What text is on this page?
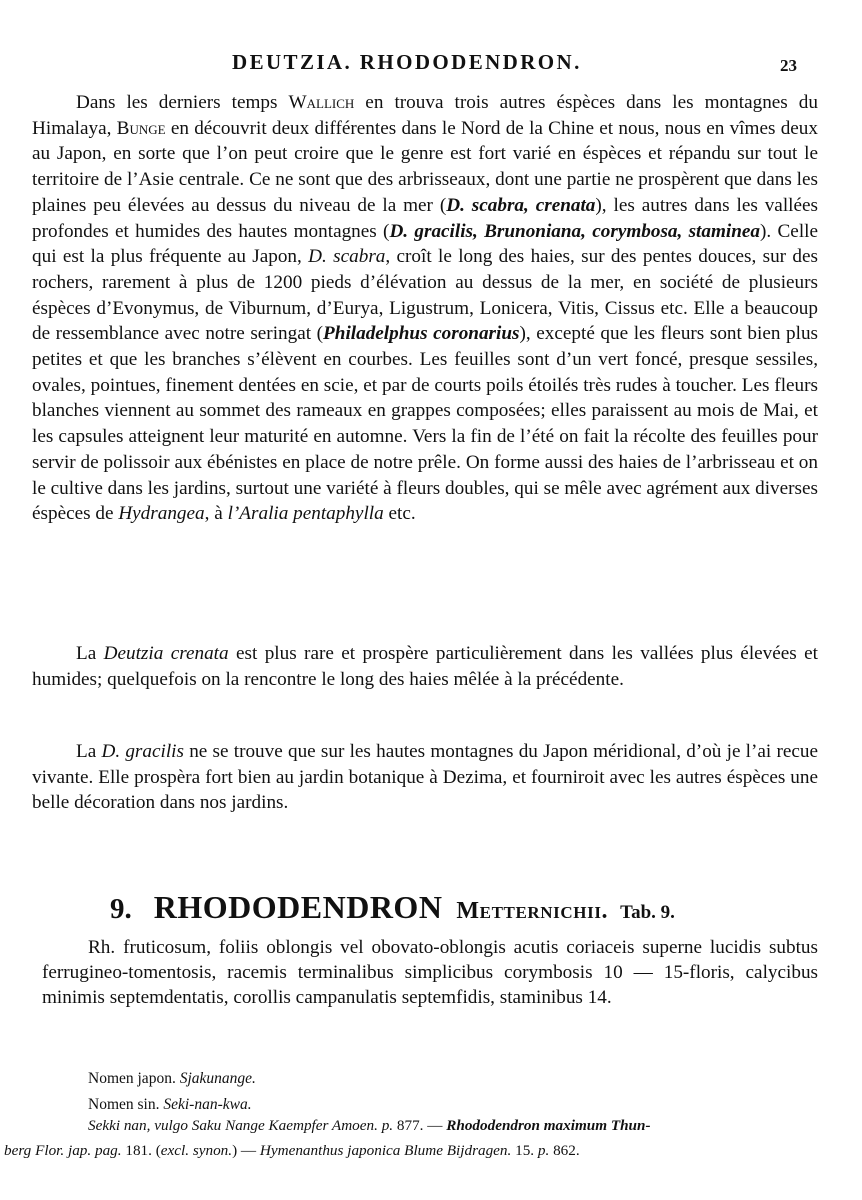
DEUTZIA. RHODODENDRON.	23

Dans les derniers temps Wallich en trouva trois autres éspèces dans les montagnes du Himalaya, Bunge en découvrit deux différentes dans le Nord de la Chine et nous, nous en vîmes deux au Japon, en sorte que l’on peut croire que le genre est fort varié en éspèces et répandu sur tout le territoire de l’Asie centrale. Ce ne sont que des arbrisseaux, dont une partie ne prospèrent que dans les plaines peu élevées au dessus du niveau de la mer (D. scabra, crenata), les autres dans les vallées profondes et humides des hautes montagnes (D. gracilis, Brunoniana, corymbosa, staminea). Celle qui est la plus fréquente au Japon, D. scabra, croît le long des haies, sur des pentes douces, sur des rochers, rarement à plus de 1200 pieds d’élévation au dessus de la mer, en société de plusieurs éspèces d’Evonymus, de Viburnum, d’Eurya, Ligustrum, Lonicera, Vitis, Cissus etc. Elle a beaucoup de ressemblance avec notre seringat (Philadelphus coronarius), excepté que les fleurs sont bien plus petites et que les branches s’élèvent en courbes. Les feuilles sont d’un vert foncé, presque sessiles, ovales, pointues, finement dentées en scie, et par de courts poils étoilés très rudes à toucher. Les fleurs blanches viennent au sommet des rameaux en grappes composées; elles paraissent au mois de Mai, et les capsules atteignent leur maturité en automne. Vers la fin de l’été on fait la récolte des feuilles pour servir de polissoir aux ébénistes en place de notre prêle. On forme aussi des haies de l’arbrisseau et on le cultive dans les jardins, surtout une variété à fleurs doubles, qui se mêle avec agrément aux diverses éspèces de Hydrangea, à l’Aralia pentaphylla etc.

La Deutzia crenata est plus rare et prospère particulièrement dans les vallées plus élevées et humides; quelquefois on la rencontre le long des haies mêlée à la précédente.

La D. gracilis ne se trouve que sur les hautes montagnes du Japon méridional, d’où je l’ai recue vivante. Elle prospèra fort bien au jardin botanique à Dezima, et fourniroit avec les autres éspèces une belle décoration dans nos jardins.

9. RHODODENDRON Metternichii. Tab. 9.

Rh. fruticosum, foliis oblongis vel obovato-oblongis acutis coriaceis superne lucidis subtus ferrugineo-tomentosis, racemis terminalibus simplicibus corymbosis 10 — 15-floris, calycibus minimis septemdentatis, corollis campanulatis septemfidis, staminibus 14.

Nomen japon. Sjakunange.

Nomen sin. Seki-nan-kwa.

Sekki nan, vulgo Saku Nange Kaempfer Amoen. p. 877. — Rhododendron maximum Thun-
berg Flor. jap. pag. 181. (excl. synon.) — Hymenanthus japonica Blume Bijdragen. 15. p. 862.
